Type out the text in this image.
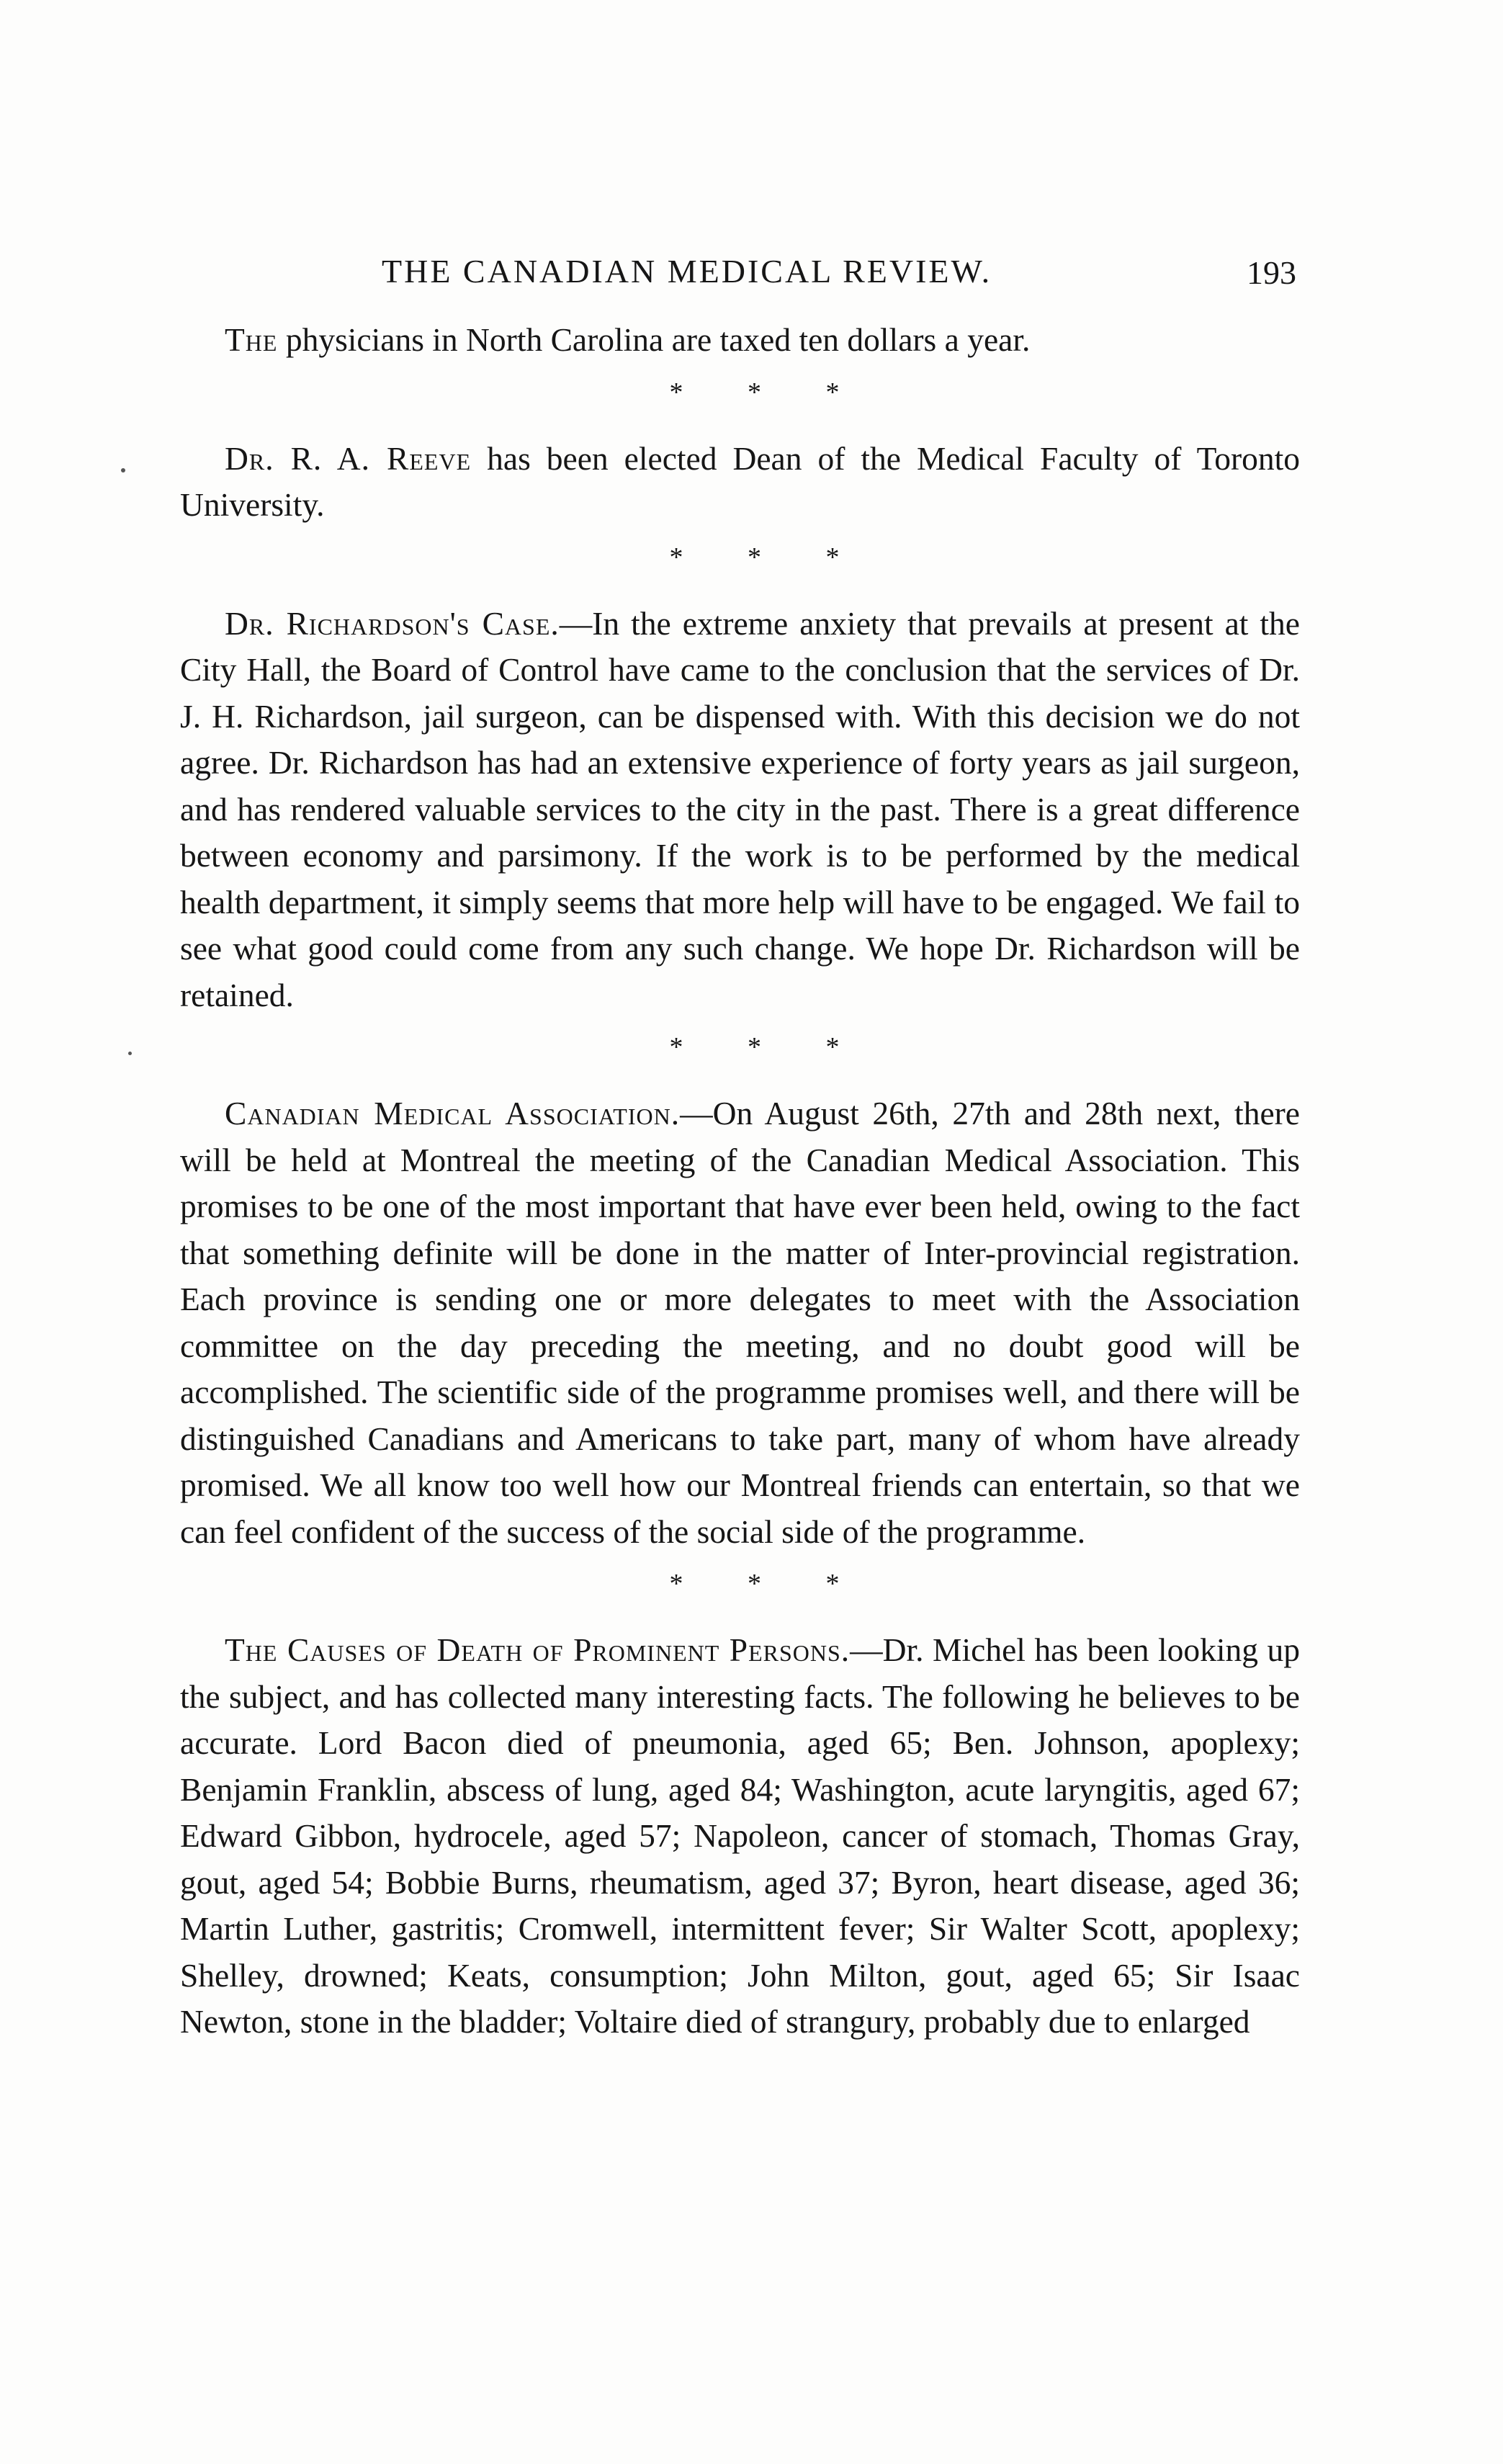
THE CANADIAN MEDICAL REVIEW.	193

The physicians in North Carolina are taxed ten dollars a year.

* * *

Dr. R. A. Reeve has been elected Dean of the Medical Faculty of Toronto University.

* * *

Dr. Richardson's Case.—In the extreme anxiety that prevails at present at the City Hall, the Board of Control have came to the conclusion that the services of Dr. J. H. Richardson, jail surgeon, can be dispensed with. With this decision we do not agree. Dr. Richardson has had an extensive experience of forty years as jail surgeon, and has rendered valuable services to the city in the past. There is a great difference between economy and parsimony. If the work is to be performed by the medical health department, it simply seems that more help will have to be engaged. We fail to see what good could come from any such change. We hope Dr. Richardson will be retained.

* * *

Canadian Medical Association.—On August 26th, 27th and 28th next, there will be held at Montreal the meeting of the Canadian Medical Association. This promises to be one of the most important that have ever been held, owing to the fact that something definite will be done in the matter of Inter-provincial registration. Each province is sending one or more delegates to meet with the Association committee on the day preceding the meeting, and no doubt good will be accomplished. The scientific side of the programme promises well, and there will be distinguished Canadians and Americans to take part, many of whom have already promised. We all know too well how our Montreal friends can entertain, so that we can feel confident of the success of the social side of the programme.

* * *

The Causes of Death of Prominent Persons.—Dr. Michel has been looking up the subject, and has collected many interesting facts. The following he believes to be accurate. Lord Bacon died of pneumonia, aged 65; Ben. Johnson, apoplexy; Benjamin Franklin, abscess of lung, aged 84; Washington, acute laryngitis, aged 67; Edward Gibbon, hydrocele, aged 57; Napoleon, cancer of stomach, Thomas Gray, gout, aged 54; Bobbie Burns, rheumatism, aged 37; Byron, heart disease, aged 36; Martin Luther, gastritis; Cromwell, intermittent fever; Sir Walter Scott, apoplexy; Shelley, drowned; Keats, consumption; John Milton, gout, aged 65; Sir Isaac Newton, stone in the bladder; Voltaire died of strangury, probably due to enlarged
